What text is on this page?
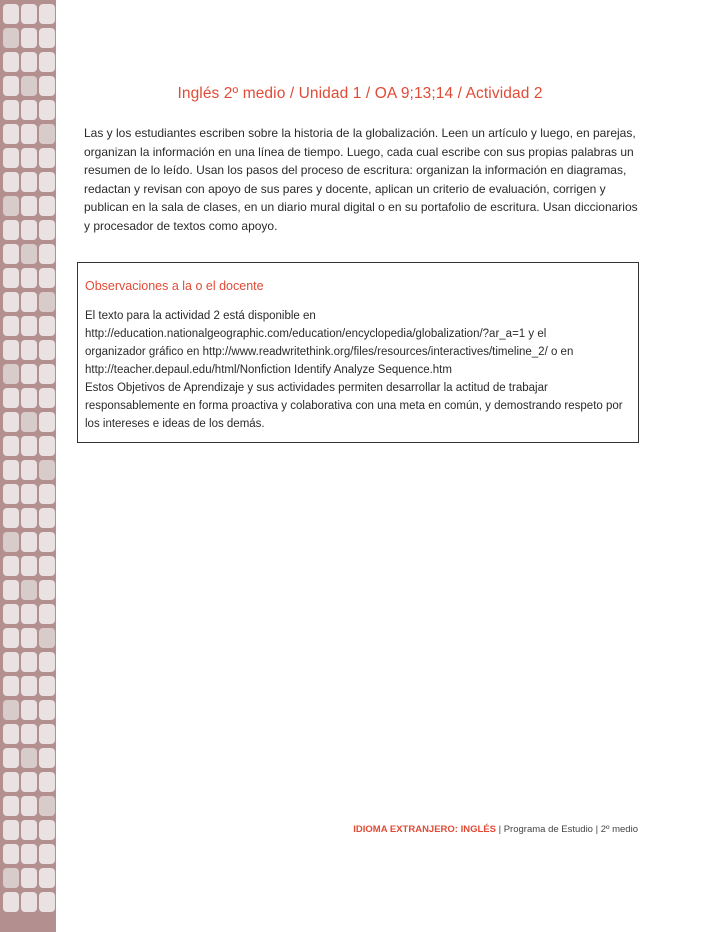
Inglés 2º medio / Unidad 1 / OA 9;13;14 / Actividad 2
Las y los estudiantes escriben sobre la historia de la globalización. Leen un artículo y luego, en parejas, organizan la información en una línea de tiempo. Luego, cada cual escribe con sus propias palabras un resumen de lo leído. Usan los pasos del proceso de escritura: organizan la información en diagramas, redactan y revisan con apoyo de sus pares y docente, aplican un criterio de evaluación, corrigen y publican en la sala de clases, en un diario mural digital o en su portafolio de escritura. Usan diccionarios y procesador de textos como apoyo.
Observaciones a la o el docente

El texto para la actividad 2 está disponible en

http://education.nationalgeographic.com/education/encyclopedia/globalization/?ar_a=1 y el

organizador gráfico en http://www.readwritethink.org/files/resources/interactives/timeline_2/ o en

http://teacher.depaul.edu/html/Nonfiction Identify Analyze Sequence.htm

Estos Objetivos de Aprendizaje y sus actividades permiten desarrollar la actitud de trabajar responsablemente en forma proactiva y colaborativa con una meta en común, y demostrando respeto por los intereses e ideas de los demás.

IDIOMA EXTRANJERO: INGLÉS | Programa de Estudio | 2º medio
